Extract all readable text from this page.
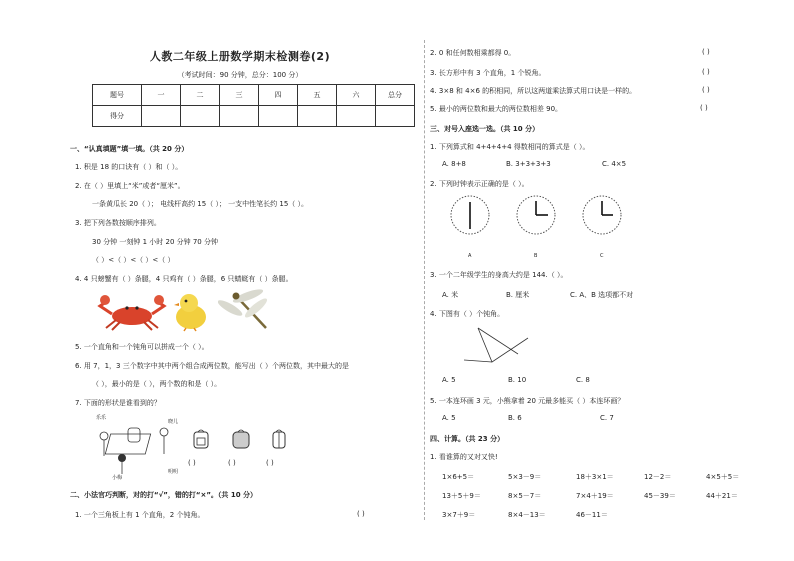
人教二年级上册数学期末检测卷(2)
（考试时间：90 分钟，总分：100 分）
题号	一	二	三	四	五	六	总分
得分							
一、“认真填题”填一填。（共 20 分）
1. 积是 18 的口诀有（ ）和（ ）。
2. 在（ ）里填上“米”或者“厘米”。
一条黄瓜长 20（ ）； 电线杆高约 15（ ）； 一支中性笔长约 15（ ）。
3. 把下列各数按顺序排列。
30 分钟 一刻钟 1 小时 20 分钟 70 分钟
（ ）<（ ）<（ ）<（ ）
4. 4 只螃蟹有（ ）条腿，4 只鸡有（ ）条腿，6 只蜻蜓有（ ）条腿。
5. 一个直角和一个钝角可以拼成一个（ ）。
6. 用 7，1，3 三个数字中其中两个组合成两位数，能写出（ ）个两位数，其中最大的是
（ ），最小的是（ ），两个数的和是（ ）。
7. 下面的形状是谁看到的？
乐乐
晓儿
明明
小梅
( )	( )	( )
二、小法官巧判断，对的打“√”，错的打“×”。（共 10 分）
1. 一个三角板上有 1 个直角，2 个钝角。	( )
2. 0 和任何数相乘都得 0。	( )
3. 长方形中有 3 个直角，1 个锐角。	( )
4. 3×8 和 4×6 的积相同，所以这两道乘法算式用口诀是一样的。	( )
5. 最小的两位数和最大的两位数相差 90。	( )
三、对号入座选一选。（共 10 分）
1. 下列算式和 4+4+4+4 得数相同的算式是（ ）。
A. 8+8	B. 3+3+3+3	C. 4×5
2. 下列时钟表示正确的是（ ）。
A	B	C
3. 一个二年级学生的身高大约是 144.（ ）。
A. 米	B. 厘米	C. A、B 选项都不对
4. 下图有（ ）个钝角。
A. 5	B. 10	C. 8
5. 一本连环画 3 元，小熊拿着 20 元最多能买（ ）本连环画？
A. 5	B. 6	C. 7
四、计算。（共 23 分）
1. 看谁算的又对又快!
1×6+5＝	5×3－9＝	18＋3×1＝	12－2＝	4×5＋5＝
13＋5＋9＝	8×5－7＝	7×4＋19＝	45－39＝	44＋21＝
3×7＋9＝	8×4－13＝	46－11＝
